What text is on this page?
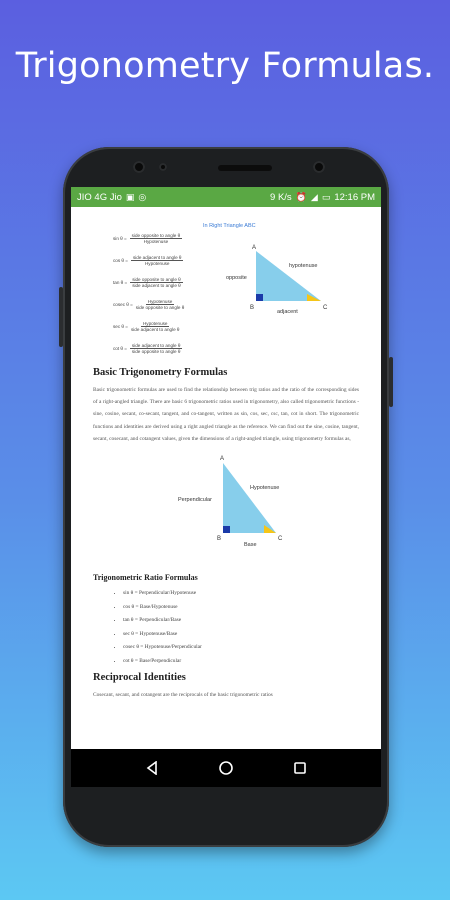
Trigonometry Formulas.
JIO 4G Jio ▣ ◎	9 K/s ⏰ ◢ ▭ 12:16 PM
In Right Triangle ABC
sin θ =
side opposite to angle θ
Hypotenuse
cos θ =
side adjacent to angle θ
Hypotenuse
tan θ =
side opposite to angle θ
side adjacent to angle θ
cosec θ =
Hypotenuse
side opposite to angle θ
sec θ =
Hypotenuse
side adjacent to angle θ
cot θ =
side adjacent to angle θ
side opposite to angle θ
A
B	C
opposite
hypotenuse
adjacent
Basic Trigonometry Formulas
Basic trigonometric formulas are used to find the relationship between trig ratios and the ratio of the corresponding sides of a right-angled triangle. There are basic 6 trigonometric ratios used in trigonometry, also called trigonometric functions - sine, cosine, secant, co-secant, tangent, and co-tangent, written as sin, cos, sec, csc, tan, cot in short. The trigonometric functions and identities are derived using a right angled triangle as the reference. We can find out the sine, cosine, tangent, secant, cosecant, and cotangent values, given the dimensions of a right-angled triangle, using trigonometry formulas as,
A
B	C
Perpendicular
Hypotenuse
Base
Trigonometric Ratio Formulas
• sin θ = Perpendicular/Hypotenuse
• cos θ = Base/Hypotenuse
• tan θ = Perpendicular/Base
• sec θ = Hypotenuse/Base
• cosec θ = Hypotenuse/Perpendicular
• cot θ = Base/Perpendicular
Reciprocal Identities
Cosecant, secant, and cotangent are the reciprocals of the basic trigonometric ratios
